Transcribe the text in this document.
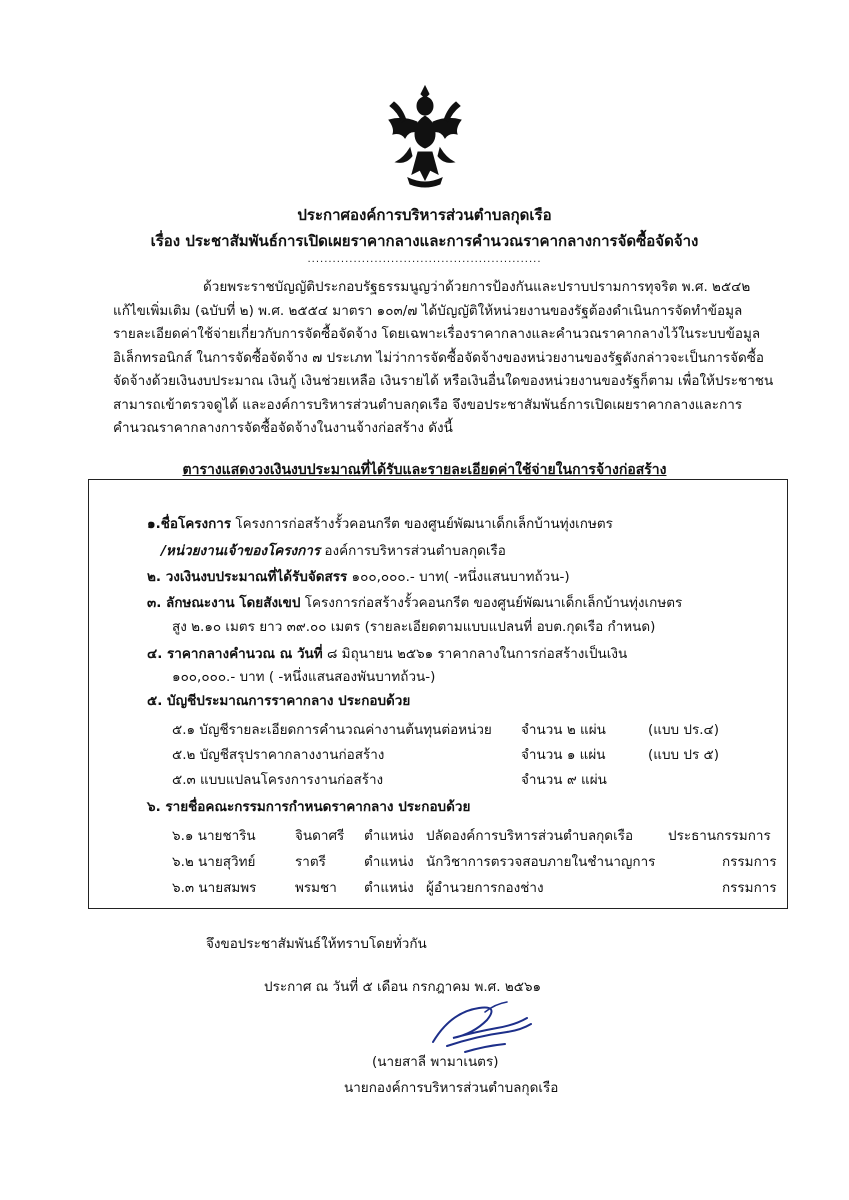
ประกาศองค์การบริหารส่วนตำบลกุดเรือ
เรื่อง ประชาสัมพันธ์การเปิดเผยราคากลางและการคำนวณราคากลางการจัดซื้อจัดจ้าง
........................................................
ด้วยพระราชบัญญัติประกอบรัฐธรรมนูญว่าด้วยการป้องกันและปราบปรามการทุจริต พ.ศ. ๒๕๔๒
แก้ไขเพิ่มเติม (ฉบับที่ ๒) พ.ศ. ๒๕๕๔ มาตรา ๑๐๓/๗ ได้บัญญัติให้หน่วยงานของรัฐต้องดำเนินการจัดทำข้อมูล
รายละเอียดค่าใช้จ่ายเกี่ยวกับการจัดซื้อจัดจ้าง โดยเฉพาะเรื่องราคากลางและคำนวณราคากลางไว้ในระบบข้อมูล
อิเล็กทรอนิกส์ ในการจัดซื้อจัดจ้าง ๗ ประเภท ไม่ว่าการจัดซื้อจัดจ้างของหน่วยงานของรัฐดังกล่าวจะเป็นการจัดซื้อ
จัดจ้างด้วยเงินงบประมาณ เงินกู้ เงินช่วยเหลือ เงินรายได้ หรือเงินอื่นใดของหน่วยงานของรัฐก็ตาม เพื่อให้ประชาชน
สามารถเข้าตรวจดูได้ และองค์การบริหารส่วนตำบลกุดเรือ จึงขอประชาสัมพันธ์การเปิดเผยราคากลางและการ
คำนวณราคากลางการจัดซื้อจัดจ้างในงานจ้างก่อสร้าง ดังนี้
ตารางแสดงวงเงินงบประมาณที่ได้รับและรายละเอียดค่าใช้จ่ายในการจ้างก่อสร้าง
๑.ชื่อโครงการ โครงการก่อสร้างรั้วคอนกรีต ของศูนย์พัฒนาเด็กเล็กบ้านทุ่งเกษตร
/หน่วยงานเจ้าของโครงการ องค์การบริหารส่วนตำบลกุดเรือ
๒. วงเงินงบประมาณที่ได้รับจัดสรร ๑๐๐,๐๐๐.- บาท( -หนึ่งแสนบาทถ้วน-)
๓. ลักษณะงาน โดยสังเขป โครงการก่อสร้างรั้วคอนกรีต ของศูนย์พัฒนาเด็กเล็กบ้านทุ่งเกษตร
สูง ๒.๑๐ เมตร ยาว ๓๙.๐๐ เมตร (รายละเอียดตามแบบแปลนที่ อบต.กุดเรือ กำหนด)
๔. ราคากลางคำนวณ ณ วันที่ ๘ มิถุนายน ๒๕๖๑ ราคากลางในการก่อสร้างเป็นเงิน
๑๐๐,๐๐๐.- บาท ( -หนึ่งแสนสองพันบาทถ้วน-)
๕. บัญชีประมาณการราคากลาง ประกอบด้วย
๕.๑ บัญชีรายละเอียดการคำนวณค่างานต้นทุนต่อหน่วย จำนวน ๒ แผ่น	(แบบ ปร.๔)
๕.๒ บัญชีสรุปราคากลางงานก่อสร้าง	จำนวน ๑ แผ่น	(แบบ ปร ๕)
๕.๓ แบบแปลนโครงการงานก่อสร้าง	จำนวน ๙ แผ่น
๖. รายชื่อคณะกรรมการกำหนดราคากลาง ประกอบด้วย
๖.๑ นายชาริน	จินดาศรี ตำแหน่ง ปลัดองค์การบริหารส่วนตำบลกุดเรือ	ประธานกรรมการ
๖.๒ นายสุวิทย์	ราตรี	ตำแหน่ง นักวิชาการตรวจสอบภายในชำนาญการ	กรรมการ
๖.๓ นายสมพร	พรมชา ตำแหน่ง ผู้อำนวยการกองช่าง	กรรมการ
จึงขอประชาสัมพันธ์ให้ทราบโดยทั่วกัน
ประกาศ ณ วันที่ ๕ เดือน กรกฎาคม พ.ศ. ๒๕๖๑
(นายสาลี พามาเนตร)
นายกองค์การบริหารส่วนตำบลกุดเรือ
